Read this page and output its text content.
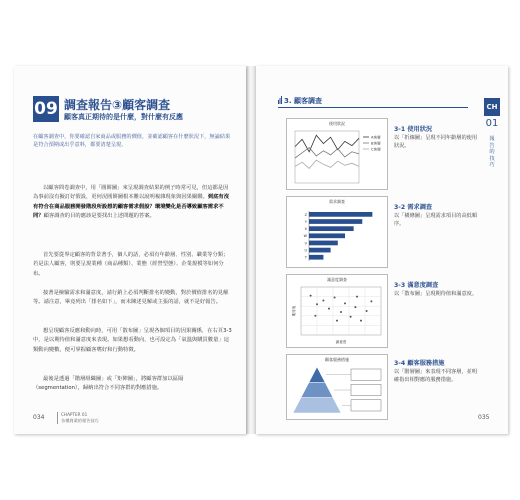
09 調查報告③顧客調查
顧客真正期待的是什麼，對什麼有反應
在顧客調查中，你要確認自家商品或服務的價值，並確認顧客在什麼狀況下，無論結果是符合預期或出乎意料，都要清楚呈現。

以顧客問卷調查中，用「圓餅圖」來呈現調查結果的例子時常可見，但這都是因為事前沒有擬訂好假設，更何況圓餅圖根本難以說明複雜現象與因果關聯。到底有沒有符合在商品服務開發階段所設想的顧客需求假設？環境變化是否導致顧客需求不同？顧客調查的目的應該是要找出上述問題的答案。

首先要從界定顧客的背景著手，個人的話，必須有年齡層、性別、職業等分類；若是法人顧客，則要呈現業種（商品種類）、業態（經營型態）、企業規模等如何分布。

接著是檢驗需求和滿意度，請行銷上必須判斷排名的變動，對於價值排名的見解等。請注意，畢竟列出「排名如下」，而未陳述見解或主張的話，就不是好報告。

想呈現顧客反應和動向時，可用「散布圖」呈現各個項目的因果關係，在右頁3-3中，是以期待值和滿意度來表現。如果想看動向，也可設定為「氣溫與購買數量」這類動向變數，便可掌握顧客嗜好和行動特徵。

最後是透過「階層組織圖」或「矩陣圖」，將顧客群加以區隔（segmentation），歸納出符合不同客群的對應措施。

034	CHAPTER 01
各種商業的報告技巧
3. 顧客調查
CH
01
報告的技巧
使用狀況
A客層
B客層
C客層
3-1 使用狀況
以「折線圖」呈現不同年齡層的使用狀況。
需求調查
Z
Y
X
W
V
U
T
3-2 需求調查
以「橫條圖」呈現需求項目的高低順序。
滿意度調查
滿意度
期待值
3-3 滿意度調查
以「散布圖」呈現期待值和滿意度。
顧客服務措施
3-4 顧客服務措施
以「階層圖」來表現不同客層，並明確指出相對應的服務措施。
035
